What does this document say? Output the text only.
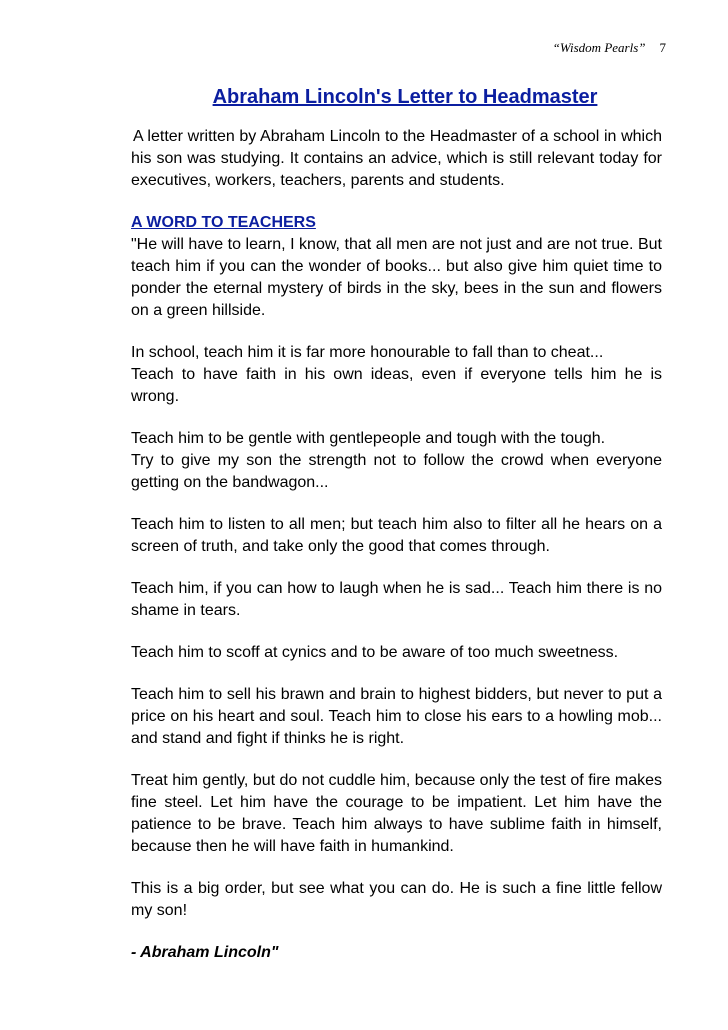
“Wisdom Pearls” 7
Abraham Lincoln's Letter to Headmaster

A letter written by Abraham Lincoln to the Headmaster of a school in which his son was studying. It contains an advice, which is still relevant today for executives, workers, teachers, parents and students.

A WORD TO TEACHERS

"He will have to learn, I know, that all men are not just and are not true. But teach him if you can the wonder of books... but also give him quiet time to ponder the eternal mystery of birds in the sky, bees in the sun and flowers on a green hillside.

In school, teach him it is far more honourable to fall than to cheat...
Teach to have faith in his own ideas, even if everyone tells him he is wrong.
Teach him to be gentle with gentlepeople and tough with the tough.
Try to give my son the strength not to follow the crowd when everyone getting on the bandwagon...

Teach him to listen to all men; but teach him also to filter all he hears on a screen of truth, and take only the good that comes through.

Teach him, if you can how to laugh when he is sad... Teach him there is no shame in tears.

Teach him to scoff at cynics and to be aware of too much sweetness.

Teach him to sell his brawn and brain to highest bidders, but never to put a price on his heart and soul. Teach him to close his ears to a howling mob... and stand and fight if thinks he is right.

Treat him gently, but do not cuddle him, because only the test of fire makes fine steel. Let him have the courage to be impatient. Let him have the patience to be brave. Teach him always to have sublime faith in himself, because then he will have faith in humankind.

This is a big order, but see what you can do. He is such a fine little fellow my son!

- Abraham Lincoln"
